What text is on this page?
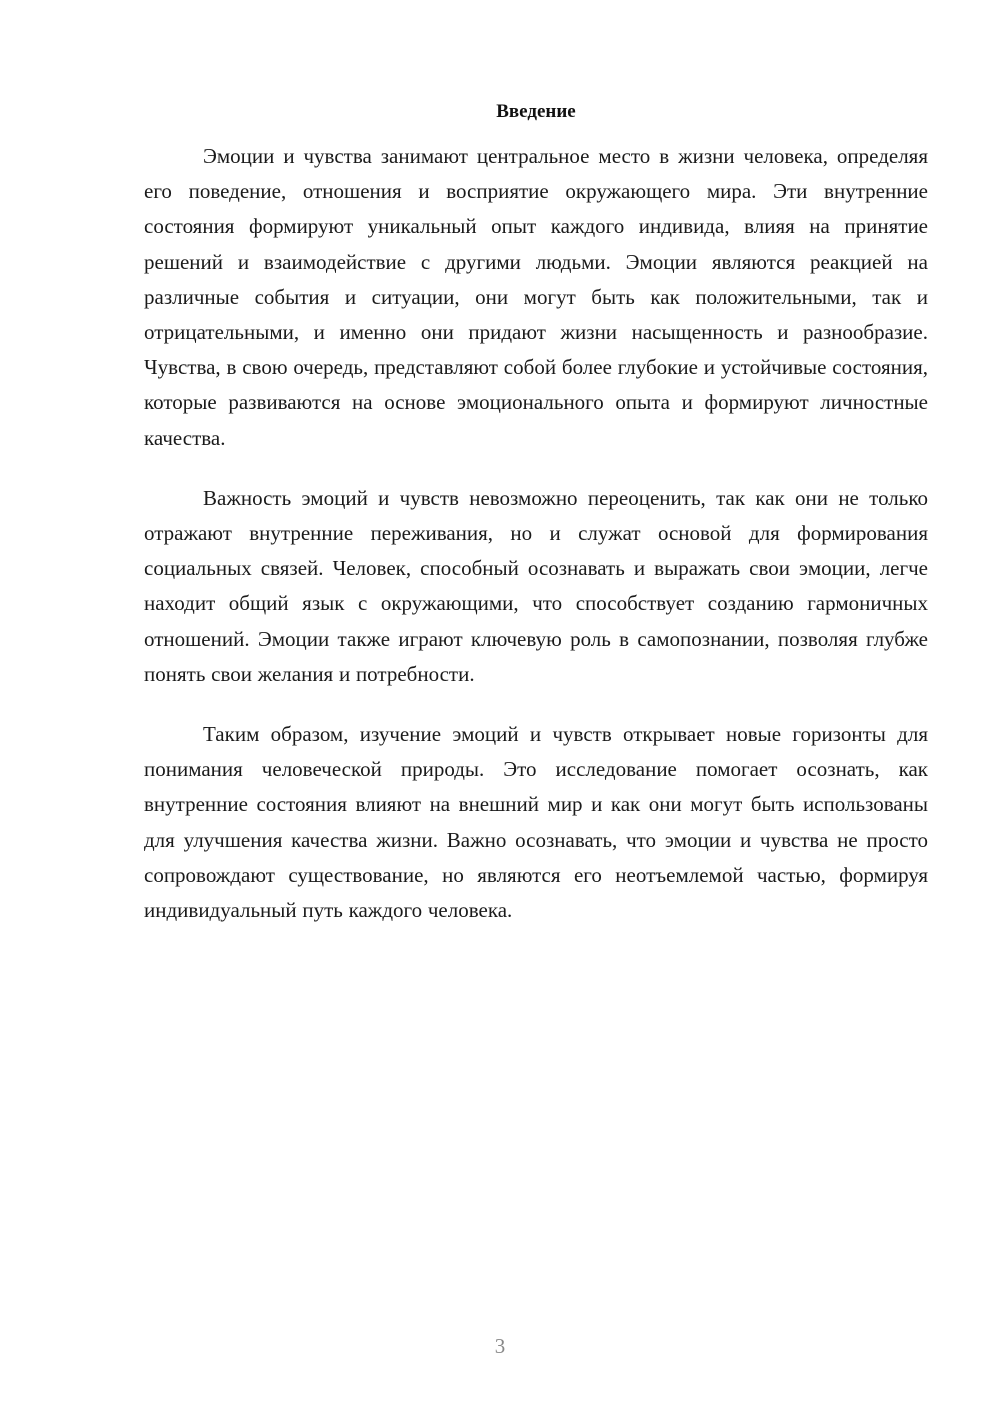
Введение

Эмоции и чувства занимают центральное место в жизни человека, определяя его поведение, отношения и восприятие окружающего мира. Эти внутренние состояния формируют уникальный опыт каждого индивида, влияя на принятие решений и взаимодействие с другими людьми. Эмоции являются реакцией на различные события и ситуации, они могут быть как положительными, так и отрицательными, и именно они придают жизни насыщенность и разнообразие. Чувства, в свою очередь, представляют собой более глубокие и устойчивые состояния, которые развиваются на основе эмоционального опыта и формируют личностные качества.

Важность эмоций и чувств невозможно переоценить, так как они не только отражают внутренние переживания, но и служат основой для формирования социальных связей. Человек, способный осознавать и выражать свои эмоции, легче находит общий язык с окружающими, что способствует созданию гармоничных отношений. Эмоции также играют ключевую роль в самопознании, позволяя глубже понять свои желания и потребности.

Таким образом, изучение эмоций и чувств открывает новые горизонты для понимания человеческой природы. Это исследование помогает осознать, как внутренние состояния влияют на внешний мир и как они могут быть использованы для улучшения качества жизни. Важно осознавать, что эмоции и чувства не просто сопровождают существование, но являются его неотъемлемой частью, формируя индивидуальный путь каждого человека.

3
